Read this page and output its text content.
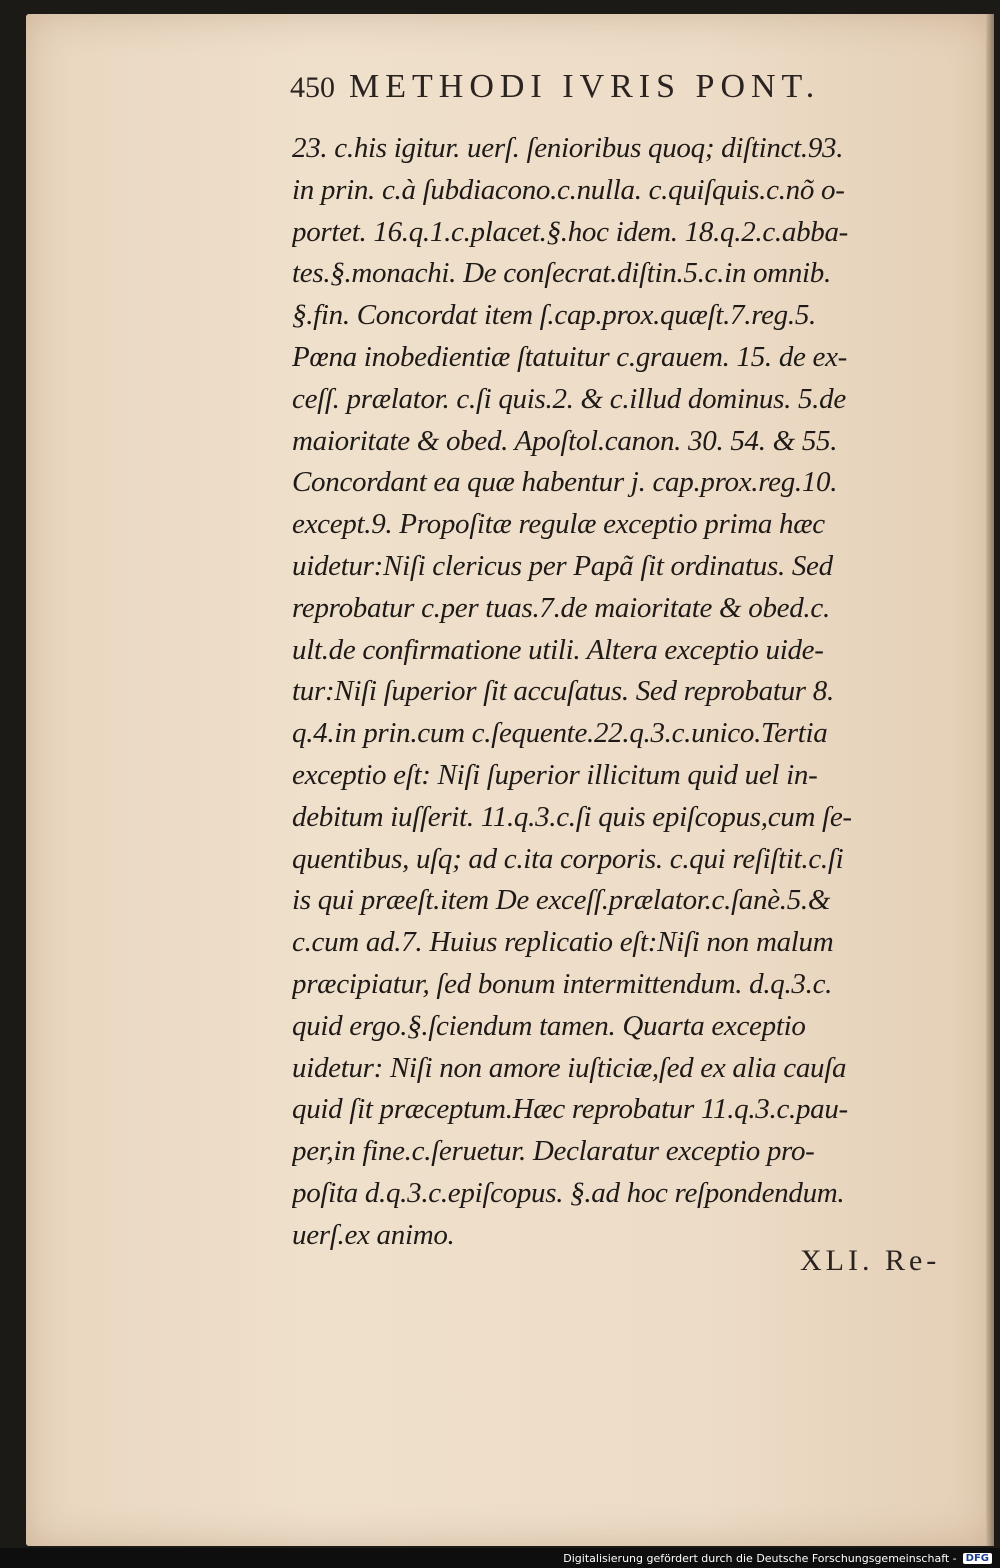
450 METHODI IVRIS PONT.
23. c.his igitur. uerſ. ſenioribus quoq; diſtinct.93.
in prin. c.à ſubdiacono.c.nulla. c.quiſquis.c.nõ o-
portet. 16.q.1.c.placet.§.hoc idem. 18.q.2.c.abba-
tes.§.monachi. De conſecrat.diſtin.5.c.in omnib.
§.fin. Concordat item ſ.cap.prox.quæſt.7.reg.5.
Pœna inobedientiæ ſtatuitur c.grauem. 15. de ex-
ceſſ. prælator. c.ſi quis.2. & c.illud dominus. 5.de
maioritate & obed. Apoſtol.canon. 30. 54. & 55.
Concordant ea quæ habentur j. cap.prox.reg.10.
except.9. Propoſitæ regulæ exceptio prima hæc
uidetur:Niſi clericus per Papã ſit ordinatus. Sed
reprobatur c.per tuas.7.de maioritate & obed.c.
ult.de confirmatione utili. Altera exceptio uide-
tur:Niſi ſuperior ſit accuſatus. Sed reprobatur 8.
q.4.in prin.cum c.ſequente.22.q.3.c.unico.Tertia
exceptio eſt: Niſi ſuperior illicitum quid uel in-
debitum iuſſerit. 11.q.3.c.ſi quis epiſcopus,cum ſe-
quentibus, uſq; ad c.ita corporis. c.qui reſiſtit.c.ſi
is qui præeſt.item De exceſſ.prælator.c.ſanè.5.&
c.cum ad.7. Huius replicatio eſt:Niſi non malum
præcipiatur, ſed bonum intermittendum. d.q.3.c.
quid ergo.§.ſciendum tamen. Quarta exceptio
uidetur: Niſi non amore iuſticiæ,ſed ex alia cauſa
quid ſit præceptum.Hæc reprobatur 11.q.3.c.pau-
per,in fine.c.ſeruetur. Declaratur exceptio pro-
poſita d.q.3.c.epiſcopus. §.ad hoc reſpondendum.
uerſ.ex animo.
XLI. Re-
Digitalisierung gefördert durch die Deutsche Forschungsgemeinschaft - DFG
